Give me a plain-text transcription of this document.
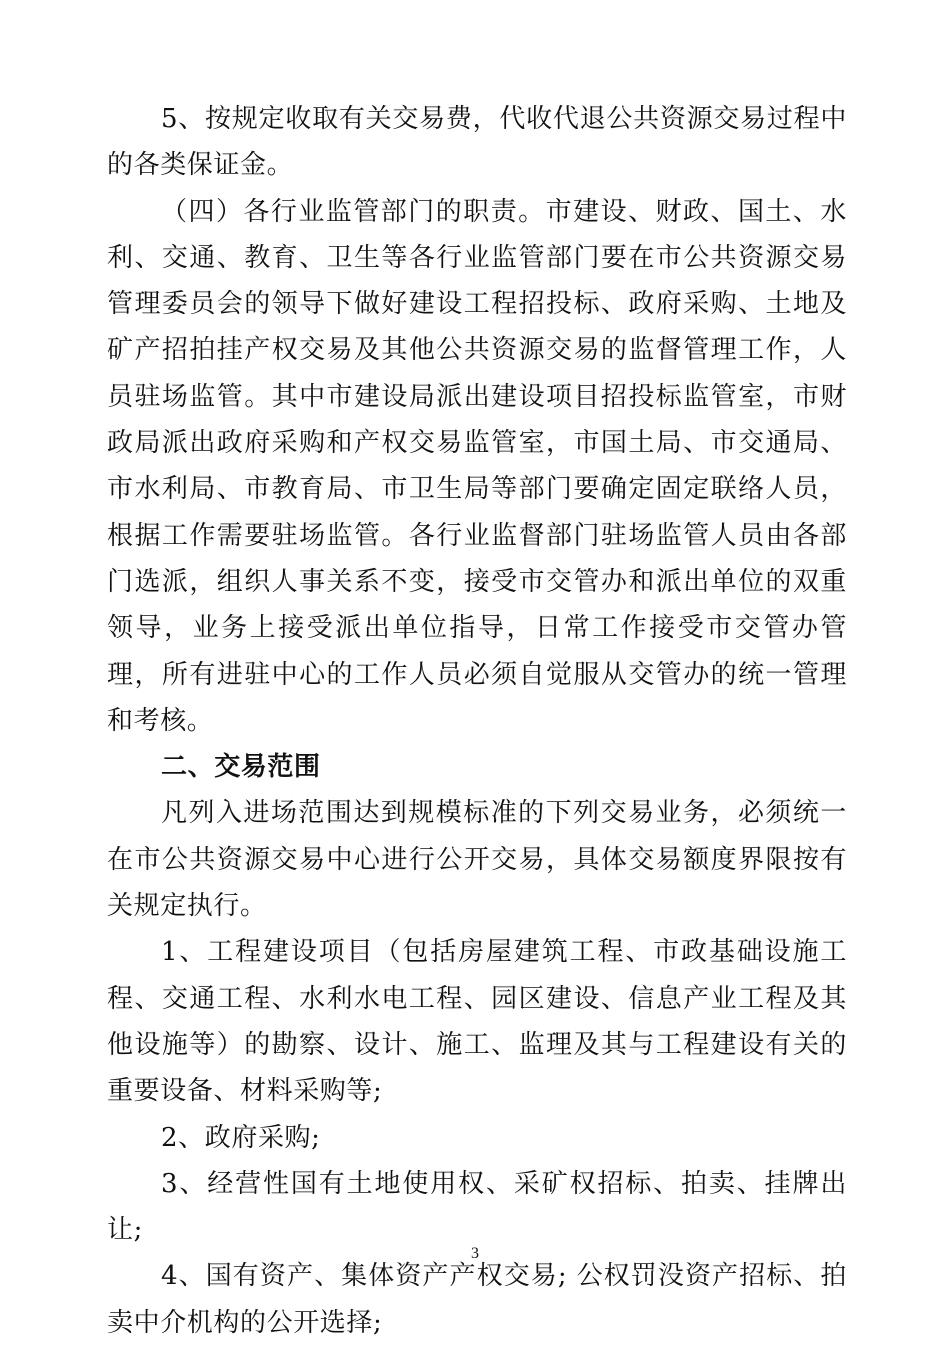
5、按规定收取有关交易费，代收代退公共资源交易过程中的各类保证金。

（四）各行业监管部门的职责。市建设、财政、国土、水利、交通、教育、卫生等各行业监管部门要在市公共资源交易管理委员会的领导下做好建设工程招投标、政府采购、土地及矿产招拍挂产权交易及其他公共资源交易的监督管理工作，人员驻场监管。其中市建设局派出建设项目招投标监管室，市财政局派出政府采购和产权交易监管室，市国土局、市交通局、市水利局、市教育局、市卫生局等部门要确定固定联络人员，根据工作需要驻场监管。各行业监督部门驻场监管人员由各部门选派，组织人事关系不变，接受市交管办和派出单位的双重领导，业务上接受派出单位指导，日常工作接受市交管办管理，所有进驻中心的工作人员必须自觉服从交管办的统一管理和考核。

二、交易范围

凡列入进场范围达到规模标准的下列交易业务，必须统一在市公共资源交易中心进行公开交易，具体交易额度界限按有关规定执行。

1、工程建设项目（包括房屋建筑工程、市政基础设施工程、交通工程、水利水电工程、园区建设、信息产业工程及其他设施等）的勘察、设计、施工、监理及其与工程建设有关的重要设备、材料采购等;

2、政府采购;

3、经营性国有土地使用权、采矿权招标、拍卖、挂牌出让;

4、国有资产、集体资产产权交易; 公权罚没资产招标、拍卖中介机构的公开选择;

3
